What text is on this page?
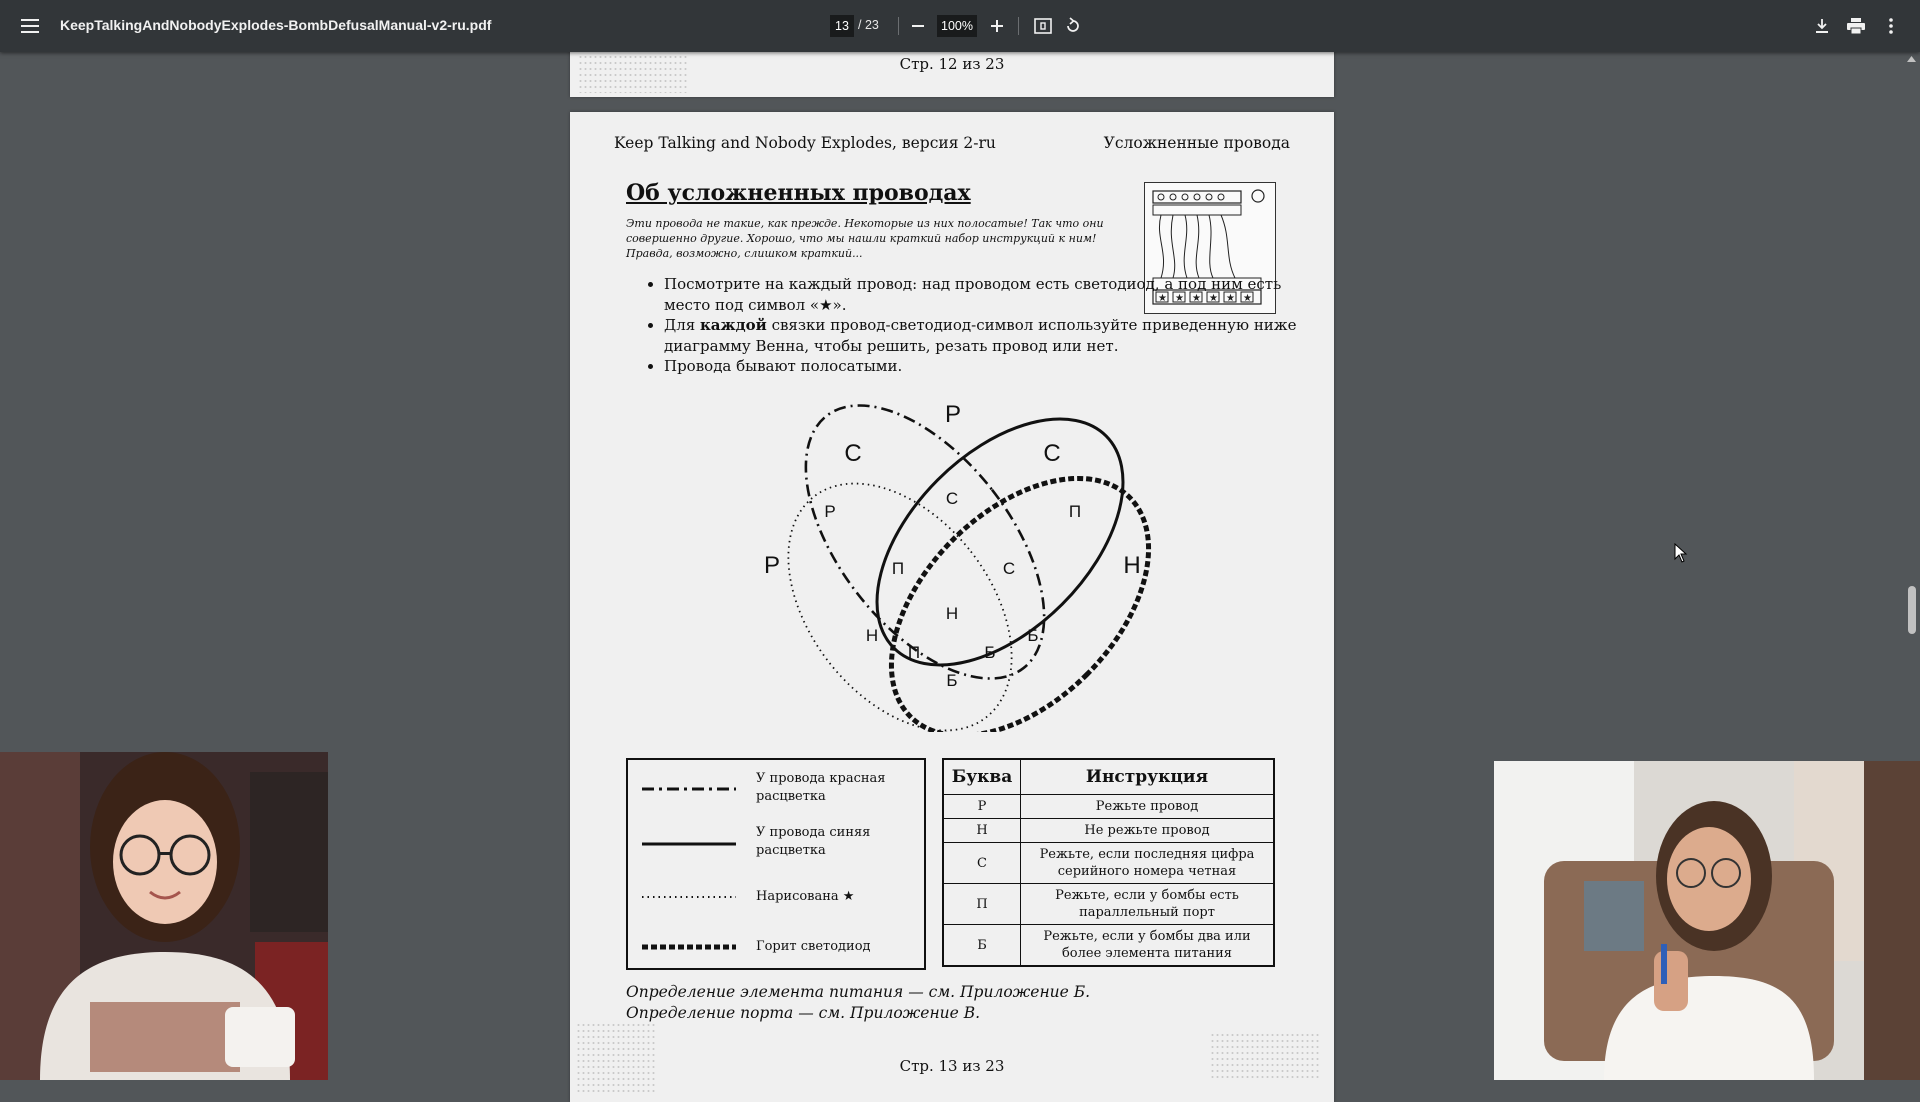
KeepTalkingAndNobodyExplodes-BombDefusalManual-v2-ru.pdf	13 / 23	100%
Стр. 12 из 23
Keep Talking and Nobody Explodes, версия 2-ru	Усложненные провода
Об усложненных проводах
Эти провода не такие, как прежде. Некоторые из них полосатые! Так что они совершенно другие. Хорошо, что мы нашли краткий набор инструкций к ним! Правда, возможно, слишком краткий...
★ ★ ★ ★ ★ ★
• Посмотрите на каждый провод: над проводом есть светодиод, а под ним есть место под символ «★».
• Для каждой связки провод-светодиод-символ используйте приведенную ниже диаграмму Венна, чтобы решить, резать провод или нет.
• Провода бывают полосатыми.
Р
С	С
Р	Н
Р
С
П
П	С
Н
Н	Б
П	Б
Б
У провода красная расцветка
У провода синяя расцветка
Нарисована ★
Горит светодиод
Буква	Инструкция
Р	Режьте провод
Н	Не режьте провод
С	Режьте, если последняя цифра серийного номера четная
П	Режьте, если у бомбы есть параллельный порт
Б	Режьте, если у бомбы два или более элемента питания
Определение элемента питания — см. Приложение Б.
Определение порта — см. Приложение В.
Стр. 13 из 23
